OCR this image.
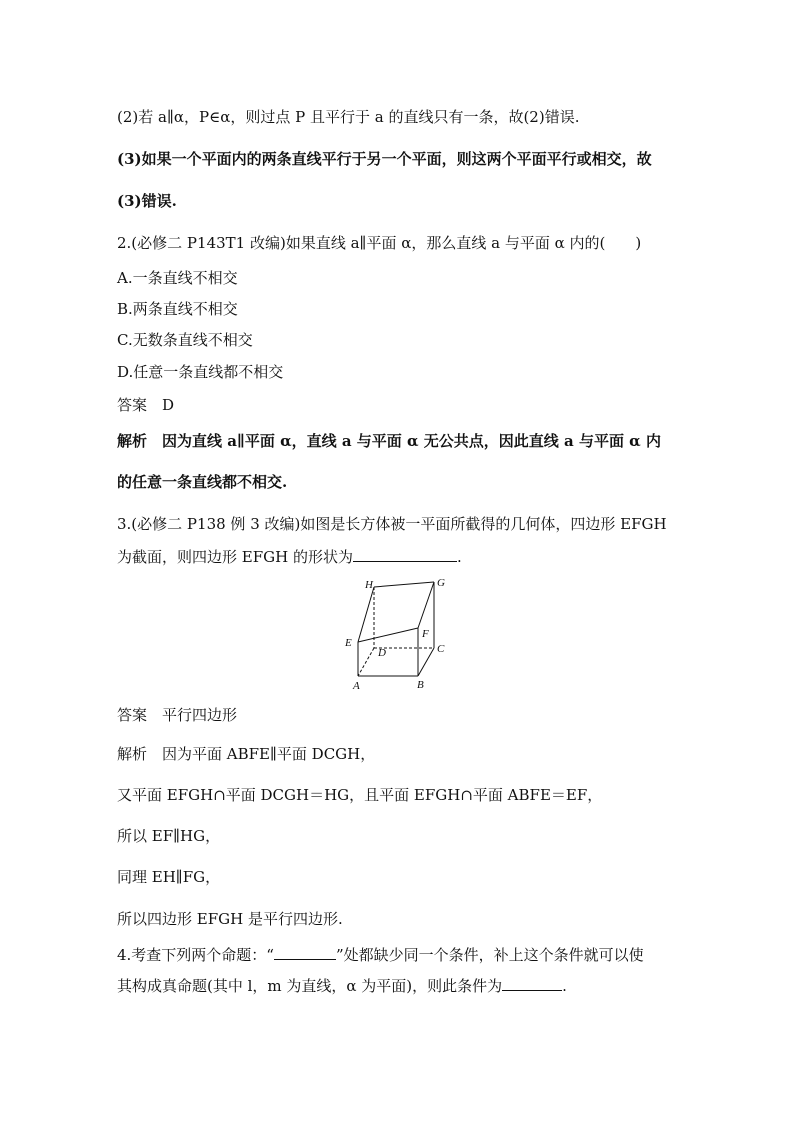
(2)若 a∥α，P∈α，则过点 P 且平行于 a 的直线只有一条，故(2)错误.
(3)如果一个平面内的两条直线平行于另一个平面，则这两个平面平行或相交，故
(3)错误.
2.(必修二 P143T1 改编)如果直线 a∥平面 α，那么直线 a 与平面 α 内的(　　)
A.一条直线不相交
B.两条直线不相交
C.无数条直线不相交
D.任意一条直线都不相交
答案　D
解析　因为直线 a∥平面 α，直线 a 与平面 α 无公共点，因此直线 a 与平面 α 内
的任意一条直线都不相交.
3.(必修二 P138 例 3 改编)如图是长方体被一平面所截得的几何体，四边形 EFGH
为截面，则四边形 EFGH 的形状为	.
H	G
E
F
D	C
A	B
答案　平行四边形
解析　因为平面 ABFE∥平面 DCGH，
又平面 EFGH∩平面 DCGH＝HG，且平面 EFGH∩平面 ABFE＝EF，
所以 EF∥HG，
同理 EH∥FG，
所以四边形 EFGH 是平行四边形.
4.考查下列两个命题：“	”处都缺少同一个条件，补上这个条件就可以使
其构成真命题(其中 l，m 为直线，α 为平面)，则此条件为	.
